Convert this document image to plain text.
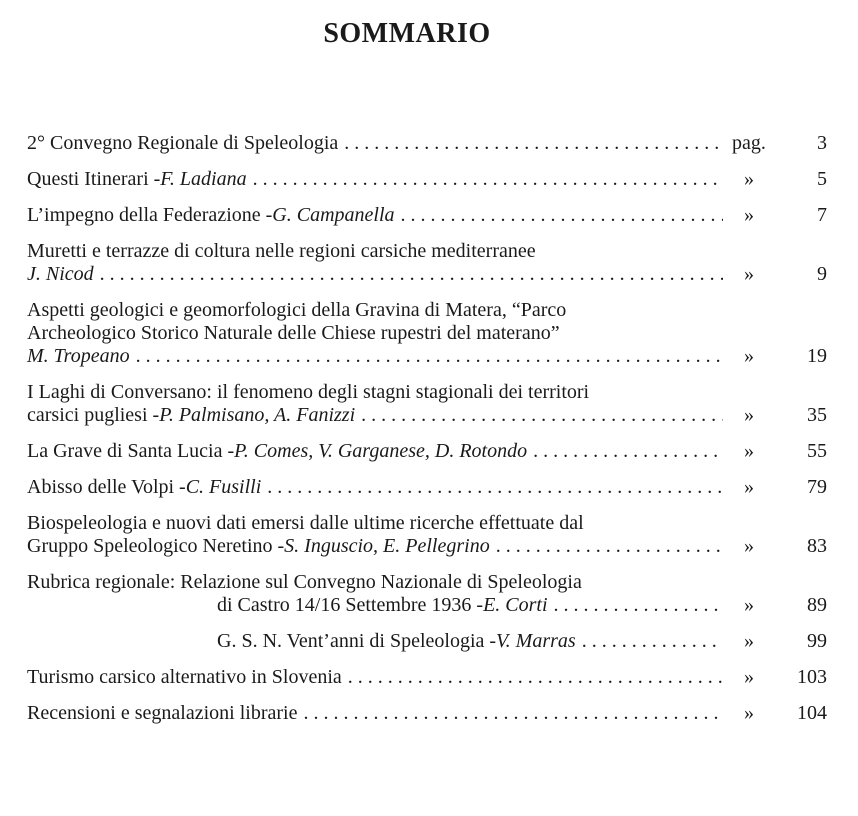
SOMMARIO
2° Convegno Regionale di Speleologia . . .	pag.	3
Questi Itinerari - F. Ladiana . . .	»	5
L’impegno della Federazione - G. Campanella . . .	»	7
Muretti e terrazze di coltura nelle regioni carsiche mediterranee
J. Nicod . . .	»	9
Aspetti geologici e geomorfologici della Gravina di Matera, “Parco
Archeologico Storico Naturale delle Chiese rupestri del materano”
M. Tropeano . . .	»	19
I Laghi di Conversano: il fenomeno degli stagni stagionali dei territori
carsici pugliesi - P. Palmisano, A. Fanizzi . . .	»	35
La Grave di Santa Lucia - P. Comes, V. Garganese, D. Rotondo . . .	»	55
Abisso delle Volpi - C. Fusilli . . .	»	79
Biospeleologia e nuovi dati emersi dalle ultime ricerche effettuate dal
Gruppo Speleologico Neretino - S. Inguscio, E. Pellegrino . . .	»	83
Rubrica regionale: Relazione sul Convegno Nazionale di Speleologia
di Castro 14/16 Settembre 1936 - E. Corti . . .	»	89
G. S. N. Vent’anni di Speleologia - V. Marras . . .	»	99
Turismo carsico alternativo in Slovenia . . .	»	103
Recensioni e segnalazioni librarie . . .	»	104
